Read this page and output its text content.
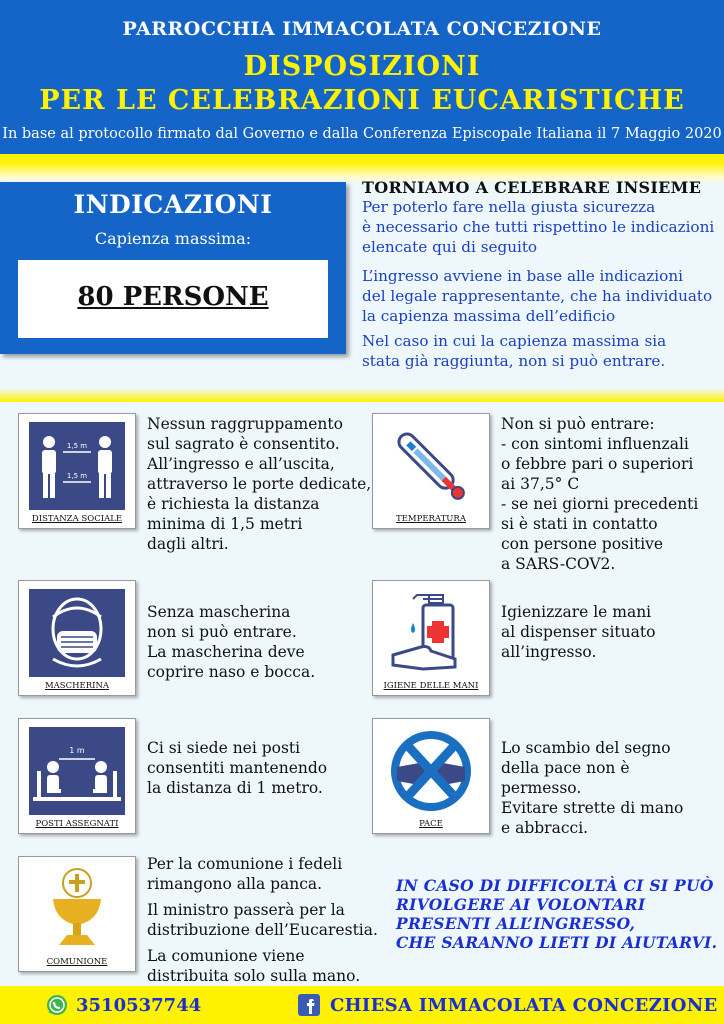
PARROCCHIA IMMACOLATA CONCEZIONE
DISPOSIZIONI
PER LE CELEBRAZIONI EUCARISTICHE
In base al protocollo firmato dal Governo e dalla Conferenza Episcopale Italiana il 7 Maggio 2020
INDICAZIONI
Capienza massima:
80 PERSONE
TORNIAMO A CELEBRARE INSIEME

Per poterlo fare nella giusta sicurezza
è necessario che tutti rispettino le indicazioni
elencate qui di seguito

L’ingresso avviene in base alle indicazioni
del legale rappresentante, che ha individuato
la capienza massima dell’edificio

Nel caso in cui la capienza massima sia
stata già raggiunta, non si può entrare.

1,5 m
1,5 m
DISTANZA SOCIALE
Nessun raggruppamento
sul sagrato è consentito.
All’ingresso e all’uscita,
attraverso le porte dedicate,
è richiesta la distanza
minima di 1,5 metri
dagli altri.
TEMPERATURA
Non si può entrare:
- con sintomi influenzali
o febbre pari o superiori
ai 37,5° C
- se nei giorni precedenti
si è stati in contatto
con persone positive
a SARS-COV2.
MASCHERINA
Senza mascherina
non si può entrare.
La mascherina deve
coprire naso e bocca.
IGIENE DELLE MANI
Igienizzare le mani
al dispenser situato
all’ingresso.
1 m
POSTI ASSEGNATI
Ci si siede nei posti
consentiti mantenendo
la distanza di 1 metro.
PACE
Lo scambio del segno
della pace non è
permesso.
Evitare strette di mano
e abbracci.
COMUNIONE
Per la comunione i fedeli
rimangono alla panca.
Il ministro passerà per la
distribuzione dell’Eucarestia.
La comunione viene
distribuita solo sulla mano.
IN CASO DI DIFFICOLTÀ CI SI PUÒ
RIVOLGERE AI VOLONTARI
PRESENTI ALL’INGRESSO,
CHE SARANNO LIETI DI AIUTARVI.
3510537744	CHIESA IMMACOLATA CONCEZIONE
